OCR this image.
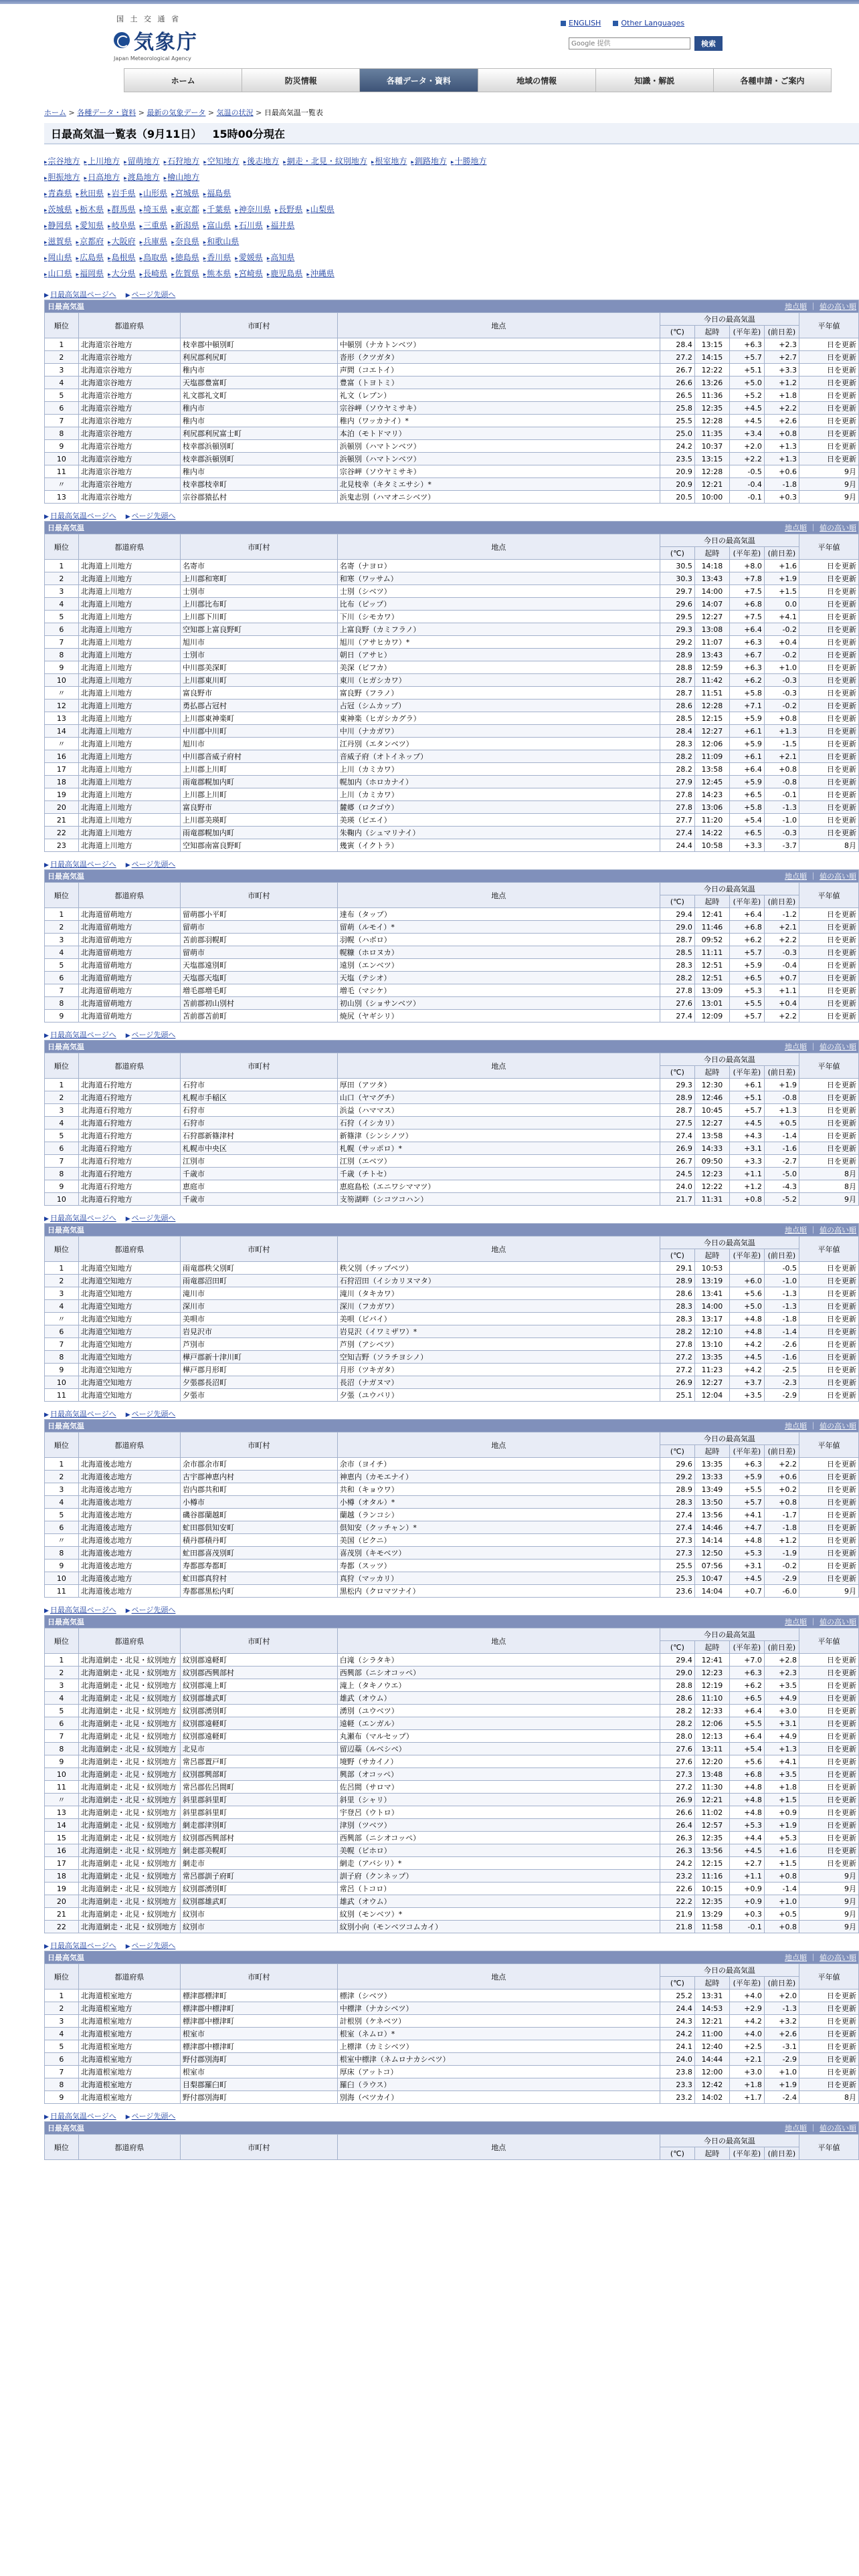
国 土 交 通 省
気象庁
Japan Meteorological Agency
ENGLISH	Other Languages
Google 提供
検索
ホーム	防災情報	各種データ・資料	地域の情報	知識・解説	各種申請・ご案内
ホーム > 各種データ・資料 > 最新の気象データ > 気温の状況 > 日最高気温一覧表
日最高気温一覧表（9月11日） 15時00分現在
▸ 宗谷地方 ▸ 上川地方 ▸ 留萌地方 ▸ 石狩地方 ▸ 空知地方 ▸ 後志地方 ▸ 網走・北見・紋別地方 ▸ 根室地方 ▸ 釧路地方 ▸ 十勝地方
▸ 胆振地方 ▸ 日高地方 ▸ 渡島地方 ▸ 檜山地方
▸ 青森県 ▸ 秋田県 ▸ 岩手県 ▸ 山形県 ▸ 宮城県 ▸ 福島県
▸ 茨城県 ▸ 栃木県 ▸ 群馬県 ▸ 埼玉県 ▸ 東京都 ▸ 千葉県 ▸ 神奈川県 ▸ 長野県 ▸ 山梨県
▸ 静岡県 ▸ 愛知県 ▸ 岐阜県 ▸ 三重県 ▸ 新潟県 ▸ 富山県 ▸ 石川県 ▸ 福井県
▸ 滋賀県 ▸ 京都府 ▸ 大阪府 ▸ 兵庫県 ▸ 奈良県 ▸ 和歌山県
▸ 岡山県 ▸ 広島県 ▸ 島根県 ▸ 鳥取県 ▸ 徳島県 ▸ 香川県 ▸ 愛媛県 ▸ 高知県
▸ 山口県 ▸ 福岡県 ▸ 大分県 ▸ 長崎県 ▸ 佐賀県 ▸ 熊本県 ▸ 宮崎県 ▸ 鹿児島県 ▸ 沖縄県
▶ 日最高気温ページへ ▶ ページ先頭へ
日最高気温 地点順 ｜ 値の高い順								

順位	都道府県	市町村	地点	今日の最高気温				平年値
				(℃)	起時	(平年差)	(前日差)	
1	北海道宗谷地方	枝幸郡中頓別町	中頓別（ナカトンベツ）	28.4	13:15	+6.3	+2.3	日を更新
2	北海道宗谷地方	利尻郡利尻町	沓形（クツガタ）	27.2	14:15	+5.7	+2.7	日を更新
3	北海道宗谷地方	稚内市	声問（コエトイ）	26.7	12:22	+5.1	+3.3	日を更新
4	北海道宗谷地方	天塩郡豊富町	豊富（トヨトミ）	26.6	13:26	+5.0	+1.2	日を更新
5	北海道宗谷地方	礼文郡礼文町	礼文（レブン）	26.5	11:36	+5.2	+1.8	日を更新
6	北海道宗谷地方	稚内市	宗谷岬（ソウヤミサキ）	25.8	12:35	+4.5	+2.2	日を更新
7	北海道宗谷地方	稚内市	稚内（ワッカナイ）*	25.5	12:28	+4.5	+2.6	日を更新
8	北海道宗谷地方	利尻郡利尻富士町	本泊（モトドマリ）	25.0	11:35	+3.4	+0.8	日を更新
9	北海道宗谷地方	枝幸郡浜頓別町	浜頓別（ハマトンベツ）	24.2	10:37	+2.0	+1.3	日を更新
10	北海道宗谷地方	枝幸郡浜頓別町	浜頓別（ハマトンベツ）	23.5	13:15	+2.2	+1.3	日を更新
11	北海道宗谷地方	稚内市	宗谷岬（ソウヤミサキ）	20.9	12:28	-0.5	+0.6	9月
〃	北海道宗谷地方	枝幸郡枝幸町	北見枝幸（キタミエサシ）*	20.9	12:21	-0.4	-1.8	9月
13	北海道宗谷地方	宗谷郡猿払村	浜鬼志別（ハマオニシベツ）	20.5	10:00	-0.1	+0.3	9月
▶ 日最高気温ページへ ▶ ページ先頭へ
日最高気温 地点順 ｜ 値の高い順								

順位	都道府県	市町村	地点	今日の最高気温				平年値
				(℃)	起時	(平年差)	(前日差)	
1	北海道上川地方	名寄市	名寄（ナヨロ）	30.5	14:18	+8.0	+1.6	日を更新
2	北海道上川地方	上川郡和寒町	和寒（ワッサム）	30.3	13:43	+7.8	+1.9	日を更新
3	北海道上川地方	士別市	士別（シベツ）	29.7	14:00	+7.5	+1.5	日を更新
4	北海道上川地方	上川郡比布町	比布（ピップ）	29.6	14:07	+6.8	0.0	日を更新
5	北海道上川地方	上川郡下川町	下川（シモカワ）	29.5	12:27	+7.5	+4.1	日を更新
6	北海道上川地方	空知郡上富良野町	上富良野（カミフラノ）	29.3	13:08	+6.4	-0.2	日を更新
7	北海道上川地方	旭川市	旭川（アサヒカワ）*	29.2	11:07	+6.3	+0.4	日を更新
8	北海道上川地方	士別市	朝日（アサヒ）	28.9	13:43	+6.7	-0.2	日を更新
9	北海道上川地方	中川郡美深町	美深（ビフカ）	28.8	12:59	+6.3	+1.0	日を更新
10	北海道上川地方	上川郡東川町	東川（ヒガシカワ）	28.7	11:42	+6.2	-0.3	日を更新
〃	北海道上川地方	富良野市	富良野（フラノ）	28.7	11:51	+5.8	-0.3	日を更新
12	北海道上川地方	勇払郡占冠村	占冠（シムカップ）	28.6	12:28	+7.1	-0.2	日を更新
13	北海道上川地方	上川郡東神楽町	東神楽（ヒガシカグラ）	28.5	12:15	+5.9	+0.8	日を更新
14	北海道上川地方	中川郡中川町	中川（ナカガワ）	28.4	12:27	+6.1	+1.3	日を更新
〃	北海道上川地方	旭川市	江丹別（エタンベツ）	28.3	12:06	+5.9	-1.5	日を更新
16	北海道上川地方	中川郡音威子府村	音威子府（オトイネップ）	28.2	11:09	+6.1	+2.1	日を更新
17	北海道上川地方	上川郡上川町	上川（カミカワ）	28.2	13:58	+6.4	+0.8	日を更新
18	北海道上川地方	雨竜郡幌加内町	幌加内（ホロカナイ）	27.9	12:45	+5.9	-0.8	日を更新
19	北海道上川地方	上川郡上川町	上川（カミカワ）	27.8	14:23	+6.5	-0.1	日を更新
20	北海道上川地方	富良野市	麓郷（ロクゴウ）	27.8	13:06	+5.8	-1.3	日を更新
21	北海道上川地方	上川郡美瑛町	美瑛（ビエイ）	27.7	11:20	+5.4	-1.0	日を更新
22	北海道上川地方	雨竜郡幌加内町	朱鞠内（シュマリナイ）	27.4	14:22	+6.5	-0.3	日を更新
23	北海道上川地方	空知郡南富良野町	幾寅（イクトラ）	24.4	10:58	+3.3	-3.7	8月
▶ 日最高気温ページへ ▶ ページ先頭へ
日最高気温 地点順 ｜ 値の高い順								

順位	都道府県	市町村	地点	今日の最高気温				平年値
				(℃)	起時	(平年差)	(前日差)	
1	北海道留萌地方	留萌郡小平町	達布（タップ）	29.4	12:41	+6.4	-1.2	日を更新
2	北海道留萌地方	留萌市	留萌（ルモイ）*	29.0	11:46	+6.8	+2.1	日を更新
3	北海道留萌地方	苫前郡羽幌町	羽幌（ハボロ）	28.7	09:52	+6.2	+2.2	日を更新
4	北海道留萌地方	留萌市	幌糠（ホロヌカ）	28.5	11:11	+5.7	-0.3	日を更新
5	北海道留萌地方	天塩郡遠別町	遠別（エンベツ）	28.3	12:51	+5.9	-0.4	日を更新
6	北海道留萌地方	天塩郡天塩町	天塩（テシオ）	28.2	12:51	+6.5	+0.7	日を更新
7	北海道留萌地方	増毛郡増毛町	増毛（マシケ）	27.8	13:09	+5.3	+1.1	日を更新
8	北海道留萌地方	苫前郡初山別村	初山別（ショサンベツ）	27.6	13:01	+5.5	+0.4	日を更新
9	北海道留萌地方	苫前郡苫前町	焼尻（ヤギシリ）	27.4	12:09	+5.7	+2.2	日を更新
▶ 日最高気温ページへ ▶ ページ先頭へ
日最高気温 地点順 ｜ 値の高い順								

順位	都道府県	市町村	地点	今日の最高気温				平年値
				(℃)	起時	(平年差)	(前日差)	
1	北海道石狩地方	石狩市	厚田（アツタ）	29.3	12:30	+6.1	+1.9	日を更新
2	北海道石狩地方	札幌市手稲区	山口（ヤマグチ）	28.9	12:46	+5.1	-0.8	日を更新
3	北海道石狩地方	石狩市	浜益（ハママス）	28.7	10:45	+5.7	+1.3	日を更新
4	北海道石狩地方	石狩市	石狩（イシカリ）	27.5	12:27	+4.5	+0.5	日を更新
5	北海道石狩地方	石狩郡新篠津村	新篠津（シンシノツ）	27.4	13:58	+4.3	-1.4	日を更新
6	北海道石狩地方	札幌市中央区	札幌（サッポロ）*	26.9	14:33	+3.1	-1.6	日を更新
7	北海道石狩地方	江別市	江別（エベツ）	26.7	09:50	+3.3	-2.7	日を更新
8	北海道石狩地方	千歳市	千歳（チトセ）	24.5	12:23	+1.1	-5.0	8月
9	北海道石狩地方	恵庭市	恵庭島松（エニワシママツ）	24.0	12:22	+1.2	-4.3	8月
10	北海道石狩地方	千歳市	支笏湖畔（シコツコハン）	21.7	11:31	+0.8	-5.2	9月
▶ 日最高気温ページへ ▶ ページ先頭へ
日最高気温 地点順 ｜ 値の高い順								

順位	都道府県	市町村	地点	今日の最高気温				平年値
				(℃)	起時	(平年差)	(前日差)	
1	北海道空知地方	雨竜郡秩父別町	秩父別（チップベツ）	29.1	10:53		-0.5	日を更新
2	北海道空知地方	雨竜郡沼田町	石狩沼田（イシカリヌマタ）	28.9	13:19	+6.0	-1.0	日を更新
3	北海道空知地方	滝川市	滝川（タキカワ）	28.6	13:41	+5.6	-1.3	日を更新
4	北海道空知地方	深川市	深川（フカガワ）	28.3	14:00	+5.0	-1.3	日を更新
〃	北海道空知地方	美唄市	美唄（ビバイ）	28.3	13:17	+4.8	-1.8	日を更新
6	北海道空知地方	岩見沢市	岩見沢（イワミザワ）*	28.2	12:10	+4.8	-1.4	日を更新
7	北海道空知地方	芦別市	芦別（アシベツ）	27.8	13:10	+4.2	-2.6	日を更新
8	北海道空知地方	樺戸郡新十津川町	空知吉野（ソラチヨシノ）	27.2	13:35	+4.5	-1.6	日を更新
9	北海道空知地方	樺戸郡月形町	月形（ツキガタ）	27.2	11:23	+4.2	-2.5	日を更新
10	北海道空知地方	夕張郡長沼町	長沼（ナガヌマ）	26.9	12:27	+3.7	-2.3	日を更新
11	北海道空知地方	夕張市	夕張（ユウバリ）	25.1	12:04	+3.5	-2.9	日を更新
▶ 日最高気温ページへ ▶ ページ先頭へ
日最高気温 地点順 ｜ 値の高い順								

順位	都道府県	市町村	地点	今日の最高気温				平年値
				(℃)	起時	(平年差)	(前日差)	
1	北海道後志地方	余市郡余市町	余市（ヨイチ）	29.6	13:35	+6.3	+2.2	日を更新
2	北海道後志地方	古宇郡神恵内村	神恵内（カモエナイ）	29.2	13:33	+5.9	+0.6	日を更新
3	北海道後志地方	岩内郡共和町	共和（キョウワ）	28.9	13:49	+5.5	+0.2	日を更新
4	北海道後志地方	小樽市	小樽（オタル）*	28.3	13:50	+5.7	+0.8	日を更新
5	北海道後志地方	磯谷郡蘭越町	蘭越（ランコシ）	27.4	13:56	+4.1	-1.7	日を更新
6	北海道後志地方	虻田郡倶知安町	倶知安（クッチャン）*	27.4	14:46	+4.7	-1.8	日を更新
〃	北海道後志地方	積丹郡積丹町	美国（ビクニ）	27.3	14:14	+4.8	+1.2	日を更新
8	北海道後志地方	虻田郡喜茂別町	喜茂別（キモベツ）	27.3	12:50	+5.3	-1.9	日を更新
9	北海道後志地方	寿都郡寿都町	寿都（スッツ）	25.5	07:56	+3.1	-0.2	日を更新
10	北海道後志地方	虻田郡真狩村	真狩（マッカリ）	25.3	10:47	+4.5	-2.9	日を更新
11	北海道後志地方	寿都郡黒松内町	黒松内（クロマツナイ）	23.6	14:04	+0.7	-6.0	9月
▶ 日最高気温ページへ ▶ ページ先頭へ
日最高気温 地点順 ｜ 値の高い順								

順位	都道府県	市町村	地点	今日の最高気温				平年値
				(℃)	起時	(平年差)	(前日差)	
1	北海道網走・北見・紋別地方	紋別郡遠軽町	白滝（シラタキ）	29.4	12:41	+7.0	+2.8	日を更新
2	北海道網走・北見・紋別地方	紋別郡西興部村	西興部（ニシオコッペ）	29.0	12:23	+6.3	+2.3	日を更新
3	北海道網走・北見・紋別地方	紋別郡滝上町	滝上（タキノウエ）	28.8	12:19	+6.2	+3.5	日を更新
4	北海道網走・北見・紋別地方	紋別郡雄武町	雄武（オウム）	28.6	11:10	+6.5	+4.9	日を更新
5	北海道網走・北見・紋別地方	紋別郡湧別町	湧別（ユウベツ）	28.2	12:33	+6.4	+3.0	日を更新
6	北海道網走・北見・紋別地方	紋別郡遠軽町	遠軽（エンガル）	28.2	12:06	+5.5	+3.1	日を更新
7	北海道網走・北見・紋別地方	紋別郡遠軽町	丸瀬布（マルセップ）	28.0	12:13	+6.4	+4.9	日を更新
8	北海道網走・北見・紋別地方	北見市	留辺蘂（ルベシベ）	27.6	13:11	+5.4	+1.3	日を更新
9	北海道網走・北見・紋別地方	常呂郡置戸町	境野（サカイノ）	27.6	12:20	+5.6	+4.1	日を更新
10	北海道網走・北見・紋別地方	紋別郡興部町	興部（オコッペ）	27.3	13:48	+6.8	+3.5	日を更新
11	北海道網走・北見・紋別地方	常呂郡佐呂間町	佐呂間（サロマ）	27.2	11:30	+4.8	+1.8	日を更新
〃	北海道網走・北見・紋別地方	斜里郡斜里町	斜里（シャリ）	26.9	12:21	+4.8	+1.5	日を更新
13	北海道網走・北見・紋別地方	斜里郡斜里町	宇登呂（ウトロ）	26.6	11:02	+4.8	+0.9	日を更新
14	北海道網走・北見・紋別地方	網走郡津別町	津別（ツベツ）	26.4	12:57	+5.3	+1.9	日を更新
15	北海道網走・北見・紋別地方	紋別郡西興部村	西興部（ニシオコッペ）	26.3	12:35	+4.4	+5.3	日を更新
16	北海道網走・北見・紋別地方	網走郡美幌町	美幌（ビホロ）	26.3	13:56	+4.5	+1.6	日を更新
17	北海道網走・北見・紋別地方	網走市	網走（アバシリ）*	24.2	12:15	+2.7	+1.5	日を更新
18	北海道網走・北見・紋別地方	常呂郡訓子府町	訓子府（クンネップ）	23.2	11:16	+1.1	+0.8	9月
19	北海道網走・北見・紋別地方	紋別郡湧別町	常呂（トコロ）	22.6	10:15	+0.9	-1.4	9月
20	北海道網走・北見・紋別地方	紋別郡雄武町	雄武（オウム）	22.2	12:35	+0.9	+1.0	9月
21	北海道網走・北見・紋別地方	紋別市	紋別（モンベツ）*	21.9	13:29	+0.3	+0.5	9月
22	北海道網走・北見・紋別地方	紋別市	紋別小向（モンベツコムカイ）	21.8	11:58	-0.1	+0.8	9月
▶ 日最高気温ページへ ▶ ページ先頭へ
日最高気温 地点順 ｜ 値の高い順								

順位	都道府県	市町村	地点	今日の最高気温				平年値
				(℃)	起時	(平年差)	(前日差)	
1	北海道根室地方	標津郡標津町	標津（シベツ）	25.2	13:31	+4.0	+2.0	日を更新
2	北海道根室地方	標津郡中標津町	中標津（ナカシベツ）	24.4	14:53	+2.9	-1.3	日を更新
3	北海道根室地方	標津郡中標津町	計根別（ケネベツ）	24.3	12:21	+4.2	+3.2	日を更新
4	北海道根室地方	根室市	根室（ネムロ）*	24.2	11:00	+4.0	+2.6	日を更新
5	北海道根室地方	標津郡中標津町	上標津（カミシベツ）	24.1	12:40	+2.5	-3.1	日を更新
6	北海道根室地方	野付郡別海町	根室中標津（ネムロナカシベツ）	24.0	14:44	+2.1	-2.9	日を更新
7	北海道根室地方	根室市	厚床（アットコ）	23.8	12:00	+3.0	+1.0	日を更新
8	北海道根室地方	目梨郡羅臼町	羅臼（ラウス）	23.3	12:42	+1.8	+1.9	日を更新
9	北海道根室地方	野付郡別海町	別海（ベツカイ）	23.2	14:02	+1.7	-2.4	8月
▶ 日最高気温ページへ ▶ ページ先頭へ
日最高気温 地点順 ｜ 値の高い順								

順位	都道府県	市町村	地点	今日の最高気温				平年値
				(℃)	起時	(平年差)	(前日差)	
